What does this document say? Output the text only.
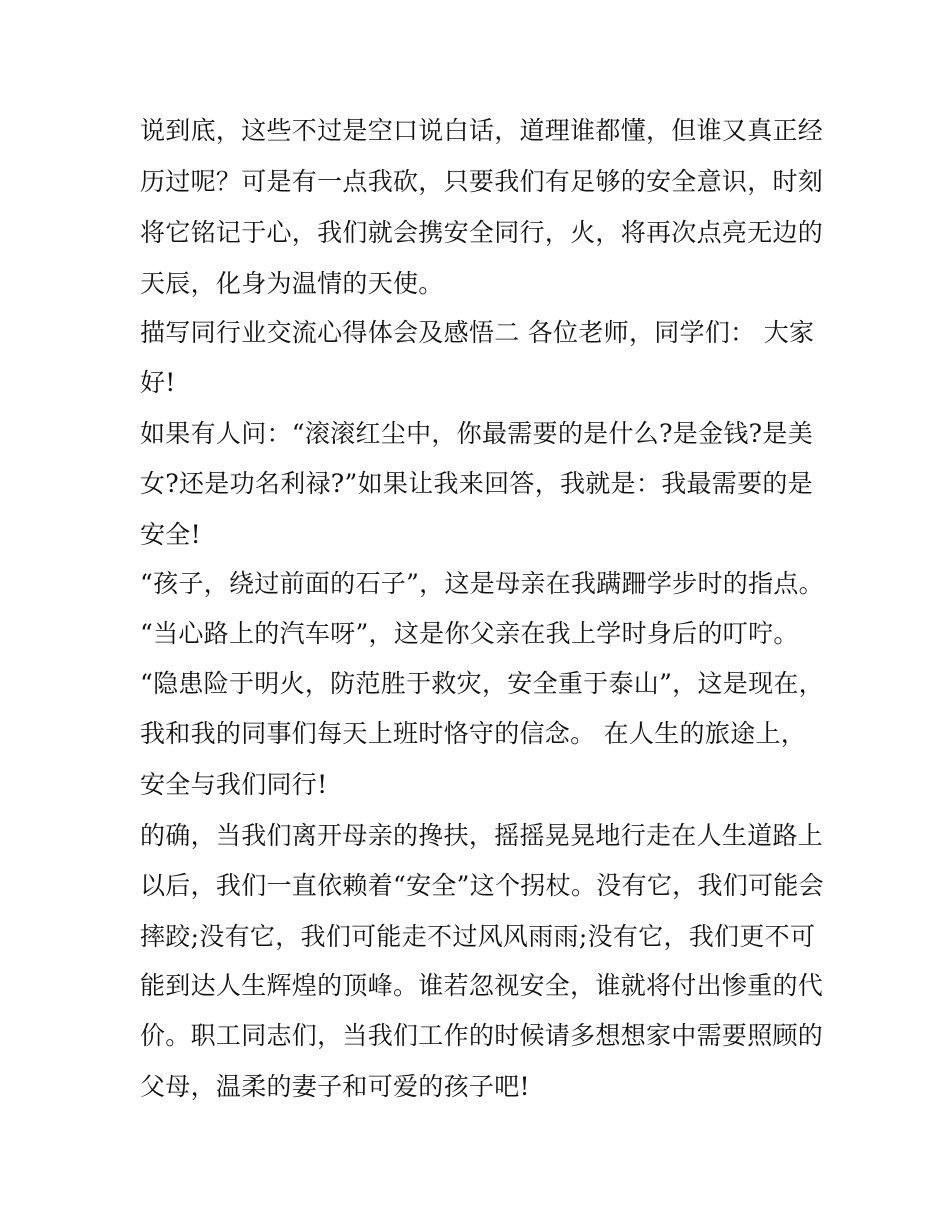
说到底，这些不过是空口说白话，道理谁都懂，但谁又真正经
历过呢？可是有一点我砍，只要我们有足够的安全意识，时刻
将它铭记于心，我们就会携安全同行，火，将再次点亮无边的
天辰，化身为温情的天使。
描写同行业交流心得体会及感悟二 各位老师，同学们： 大家
好!
如果有人问：“滚滚红尘中，你最需要的是什么?是金钱?是美
女?还是功名利禄?”如果让我来回答，我就是：我最需要的是
安全!
“孩子，绕过前面的石子”，这是母亲在我蹒跚学步时的指点。
“当心路上的汽车呀”，这是你父亲在我上学时身后的叮咛。
“隐患险于明火，防范胜于救灾，安全重于泰山”，这是现在，
我和我的同事们每天上班时恪守的信念。 在人生的旅途上，
安全与我们同行!
的确，当我们离开母亲的搀扶，摇摇晃晃地行走在人生道路上
以后，我们一直依赖着“安全”这个拐杖。没有它，我们可能会
摔跤;没有它，我们可能走不过风风雨雨;没有它，我们更不可
能到达人生辉煌的顶峰。谁若忽视安全，谁就将付出惨重的代
价。职工同志们，当我们工作的时候请多想想家中需要照顾的
父母，温柔的妻子和可爱的孩子吧!
